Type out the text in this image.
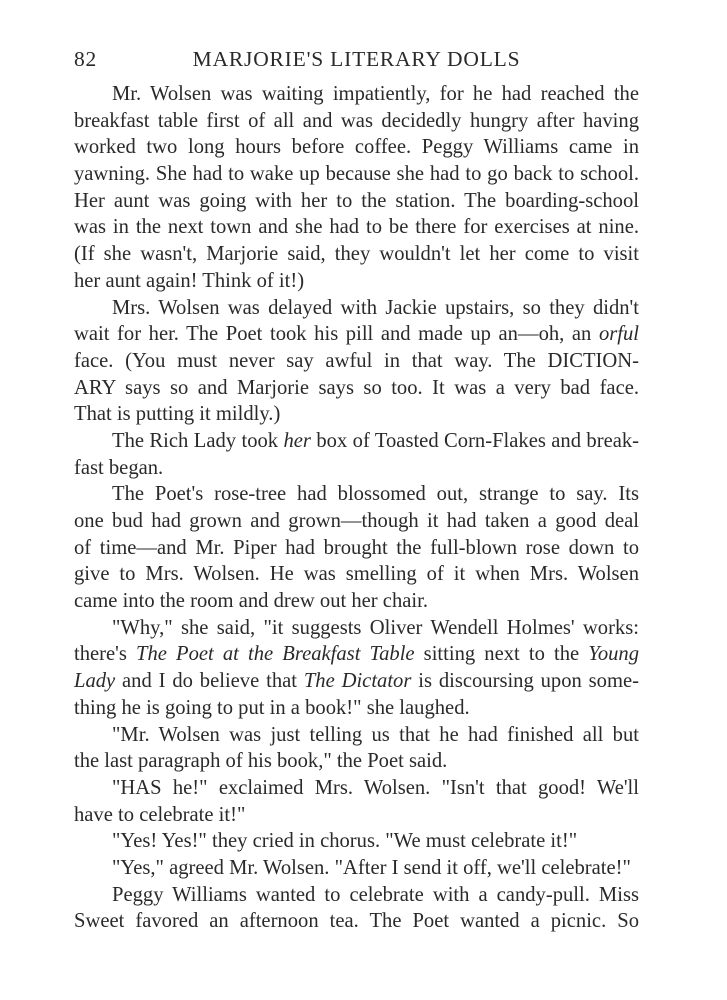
82	MARJORIE'S LITERARY DOLLS
Mr. Wolsen was waiting impatiently, for he had reached the
breakfast table first of all and was decidedly hungry after having
worked two long hours before coffee. Peggy Williams came in
yawning. She had to wake up because she had to go back to school.
Her aunt was going with her to the station. The boarding-school
was in the next town and she had to be there for exercises at nine.
(If she wasn't, Marjorie said, they wouldn't let her come to visit
her aunt again! Think of it!)
Mrs. Wolsen was delayed with Jackie upstairs, so they didn't
wait for her. The Poet took his pill and made up an—oh, an orful
face. (You must never say awful in that way. The DICTION-
ARY says so and Marjorie says so too. It was a very bad face.
That is putting it mildly.)
The Rich Lady took her box of Toasted Corn-Flakes and break-
fast began.
The Poet's rose-tree had blossomed out, strange to say. Its
one bud had grown and grown—though it had taken a good deal
of time—and Mr. Piper had brought the full-blown rose down to
give to Mrs. Wolsen. He was smelling of it when Mrs. Wolsen
came into the room and drew out her chair.
"Why," she said, "it suggests Oliver Wendell Holmes' works:
there's The Poet at the Breakfast Table sitting next to the Young
Lady and I do believe that The Dictator is discoursing upon some-
thing he is going to put in a book!" she laughed.
"Mr. Wolsen was just telling us that he had finished all but
the last paragraph of his book," the Poet said.
"HAS he!" exclaimed Mrs. Wolsen. "Isn't that good! We'll
have to celebrate it!"
"Yes! Yes!" they cried in chorus. "We must celebrate it!"
"Yes," agreed Mr. Wolsen. "After I send it off, we'll celebrate!"
Peggy Williams wanted to celebrate with a candy-pull. Miss
Sweet favored an afternoon tea. The Poet wanted a picnic. So
